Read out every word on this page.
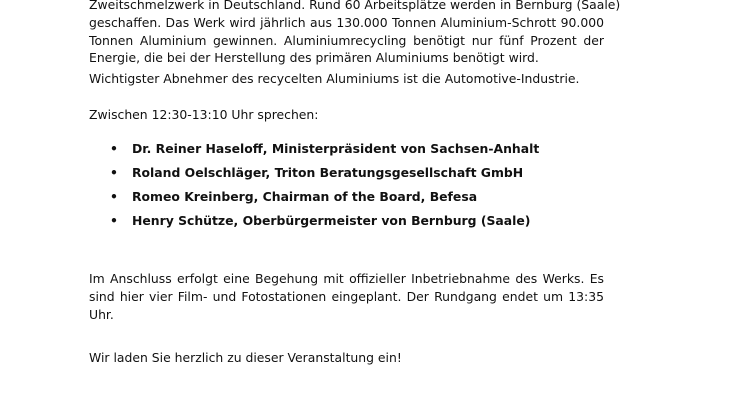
Zweitschmelzwerk in Deutschland. Rund 60 Arbeitsplätze werden in Bernburg (Saale)
geschaffen. Das Werk wird jährlich aus 130.000 Tonnen Aluminium-Schrott 90.000
Tonnen Aluminium gewinnen. Aluminiumrecycling benötigt nur fünf Prozent der
Energie, die bei der Herstellung des primären Aluminiums benötigt wird.
Wichtigster Abnehmer des recycelten Aluminiums ist die Automotive-Industrie.
Zwischen 12:30-13:10 Uhr sprechen:
•	Dr. Reiner Haseloff, Ministerpräsident von Sachsen-Anhalt
•	Roland Oelschläger, Triton Beratungsgesellschaft GmbH
•	Romeo Kreinberg, Chairman of the Board, Befesa
•	Henry Schütze, Oberbürgermeister von Bernburg (Saale)
Im Anschluss erfolgt eine Begehung mit offizieller Inbetriebnahme des Werks. Es
sind hier vier Film- und Fotostationen eingeplant. Der Rundgang endet um 13:35
Uhr.
Wir laden Sie herzlich zu dieser Veranstaltung ein!
